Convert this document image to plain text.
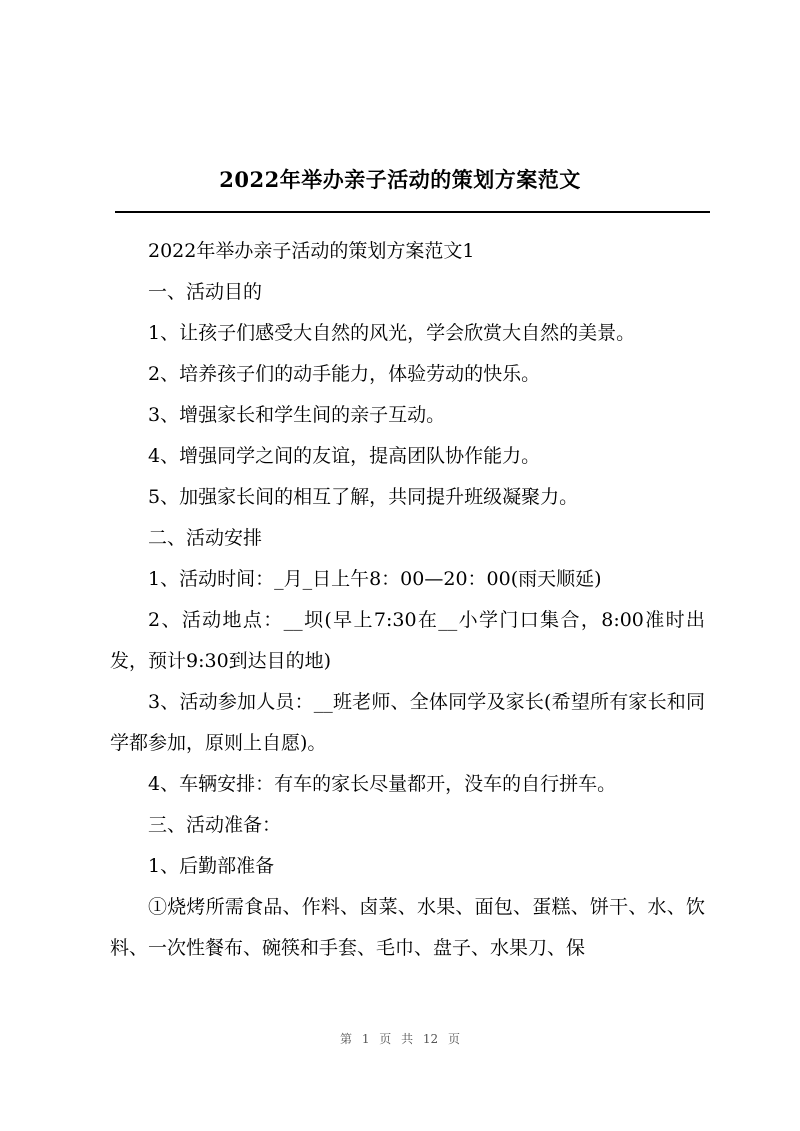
2022年举办亲子活动的策划方案范文

2022年举办亲子活动的策划方案范文1

一、活动目的

1、让孩子们感受大自然的风光，学会欣赏大自然的美景。

2、培养孩子们的动手能力，体验劳动的快乐。

3、增强家长和学生间的亲子互动。

4、增强同学之间的友谊，提高团队协作能力。

5、加强家长间的相互了解，共同提升班级凝聚力。

二、活动安排

1、活动时间：_月_日上午8：00—20：00(雨天顺延)

2、活动地点：__坝(早上7:30在__小学门口集合，8:00准时出发，预计9:30到达目的地)

3、活动参加人员：__班老师、全体同学及家长(希望所有家长和同学都参加，原则上自愿)。

4、车辆安排：有车的家长尽量都开，没车的自行拼车。

三、活动准备：

1、后勤部准备

①烧烤所需食品、作料、卤菜、水果、面包、蛋糕、饼干、水、饮料、一次性餐布、碗筷和手套、毛巾、盘子、水果刀、保

第 1 页 共 12 页
